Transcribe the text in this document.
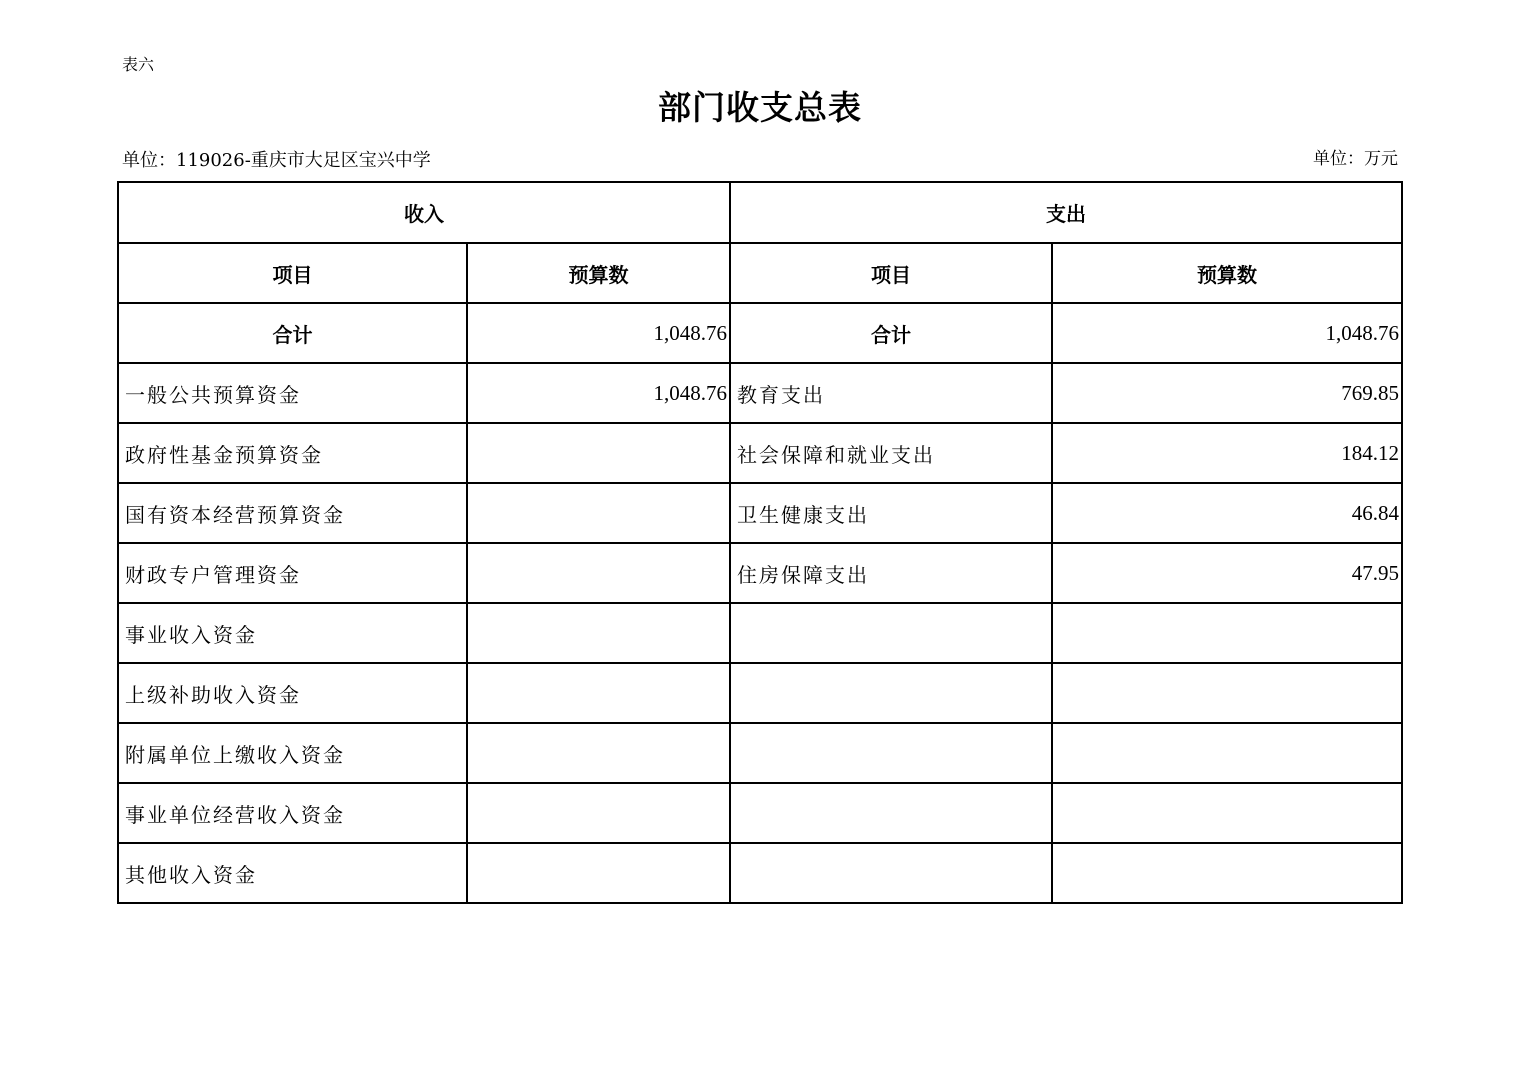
表六
部门收支总表
单位：119026-重庆市大足区宝兴中学	单位：万元
收入		支出	
项目	预算数	项目	预算数
合计	1,048.76	合计	1,048.76
一般公共预算资金	1,048.76	教育支出	769.85
政府性基金预算资金		社会保障和就业支出	184.12
国有资本经营预算资金		卫生健康支出	46.84
财政专户管理资金		住房保障支出	47.95
事业收入资金			
上级补助收入资金			
附属单位上缴收入资金			
事业单位经营收入资金			
其他收入资金			
